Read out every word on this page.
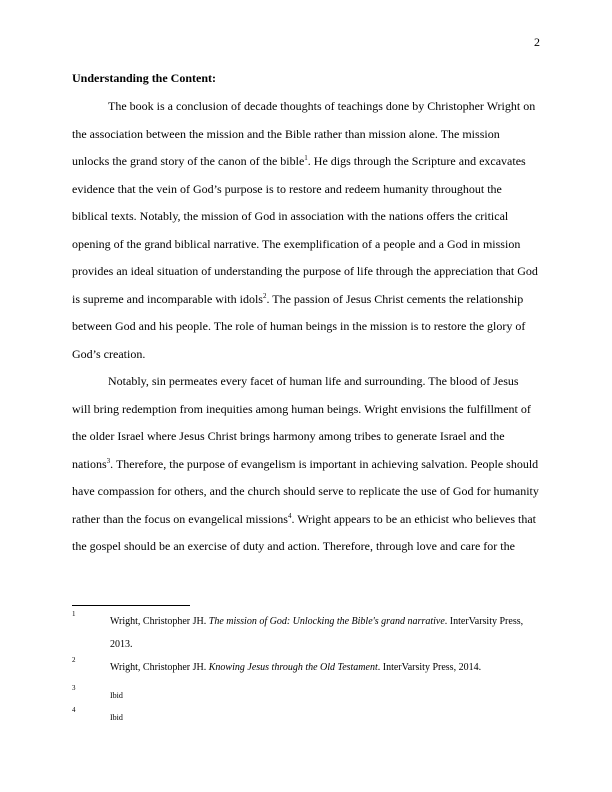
2
Understanding the Content:

The book is a conclusion of decade thoughts of teachings done by Christopher Wright on the association between the mission and the Bible rather than mission alone. The mission unlocks the grand story of the canon of the bible$^1$. He digs through the Scripture and excavates evidence that the vein of God’s purpose is to restore and redeem humanity throughout the biblical texts. Notably, the mission of God in association with the nations offers the critical opening of the grand biblical narrative. The exemplification of a people and a God in mission provides an ideal situation of understanding the purpose of life through the appreciation that God is supreme and incomparable with idols$^2$. The passion of Jesus Christ cements the relationship between God and his people. The role of human beings in the mission is to restore the glory of God’s creation.

Notably, sin permeates every facet of human life and surrounding. The blood of Jesus will bring redemption from inequities among human beings. Wright envisions the fulfillment of the older Israel where Jesus Christ brings harmony among tribes to generate Israel and the nations$^3$. Therefore, the purpose of evangelism is important in achieving salvation. People should have compassion for others, and the church should serve to replicate the use of God for humanity rather than the focus on evangelical missions$^4$. Wright appears to be an ethicist who believes that the gospel should be an exercise of duty and action. Therefore, through love and care for the

1
Wright, Christopher JH. The mission of God: Unlocking the Bible's grand narrative. InterVarsity Press, 2013.
2
Wright, Christopher JH. Knowing Jesus through the Old Testament. InterVarsity Press, 2014.
3
Ibid
4
Ibid
